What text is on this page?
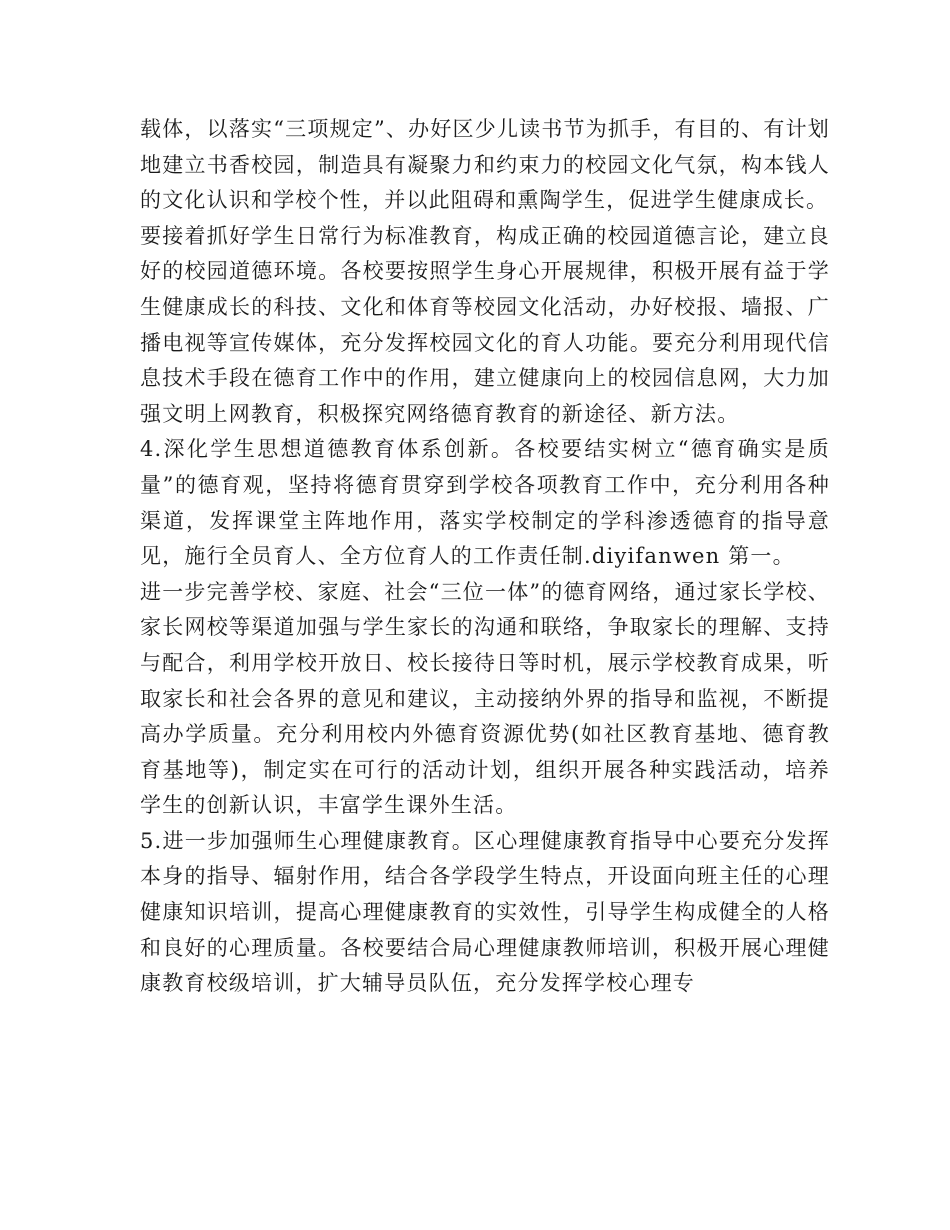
载体，以落实“三项规定”、办好区少儿读书节为抓手，有目的、有计划地建立书香校园，制造具有凝聚力和约束力的校园文化气氛，构本钱人的文化认识和学校个性，并以此阻碍和熏陶学生，促进学生健康成长。

要接着抓好学生日常行为标准教育，构成正确的校园道德言论，建立良好的校园道德环境。各校要按照学生身心开展规律，积极开展有益于学生健康成长的科技、文化和体育等校园文化活动，办好校报、墙报、广播电视等宣传媒体，充分发挥校园文化的育人功能。要充分利用现代信息技术手段在德育工作中的作用，建立健康向上的校园信息网，大力加强文明上网教育，积极探究网络德育教育的新途径、新方法。

4.深化学生思想道德教育体系创新。各校要结实树立“德育确实是质量”的德育观，坚持将德育贯穿到学校各项教育工作中，充分利用各种渠道，发挥课堂主阵地作用，落实学校制定的学科渗透德育的指导意见，施行全员育人、全方位育人的工作责任制.diyifanwen 第一。

进一步完善学校、家庭、社会“三位一体”的德育网络，通过家长学校、家长网校等渠道加强与学生家长的沟通和联络，争取家长的理解、支持与配合，利用学校开放日、校长接待日等时机，展示学校教育成果，听取家长和社会各界的意见和建议，主动接纳外界的指导和监视，不断提高办学质量。充分利用校内外德育资源优势(如社区教育基地、德育教育基地等)，制定实在可行的活动计划，组织开展各种实践活动，培养学生的创新认识，丰富学生课外生活。

5.进一步加强师生心理健康教育。区心理健康教育指导中心要充分发挥本身的指导、辐射作用，结合各学段学生特点，开设面向班主任的心理健康知识培训，提高心理健康教育的实效性，引导学生构成健全的人格和良好的心理质量。各校要结合局心理健康教师培训，积极开展心理健康教育校级培训，扩大辅导员队伍，充分发挥学校心理专
